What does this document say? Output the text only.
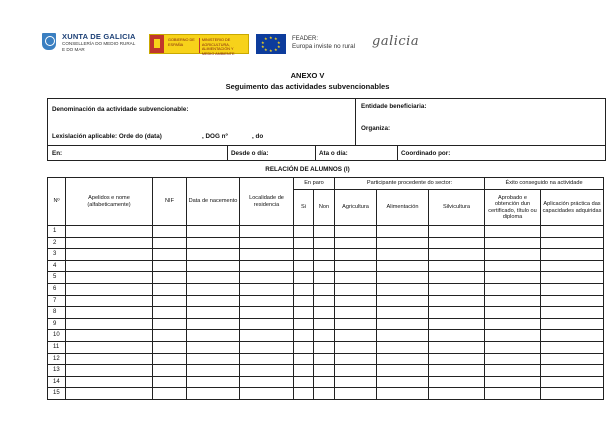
XUNTA DE GALICIA
CONSELLERÍA DO MEDIO RURAL
E DO MAR
GOBIERNO DE ESPAÑA
MINISTERIO DE AGRICULTURA, ALIMENTACIÓN Y MEDIO AMBIENTE
★ ★
★
★
★
★
★
★
★
★	FEADER:
Europa inviste no rural galicia
ANEXO V
Seguimento das actividades subvencionables
Denominación da actividade subvencionable:	Entidade beneficiaria:
Lexislación aplicable: Orde do (data)	, DOG nº	, do
Organiza:
En:	Desde o día:	Ata o día:	Coordinado por:
RELACIÓN DE ALUMNOS (I)
Nº	Apelidos e nome (alfabeticamente)	NIF	Data de nacemento	Localidade de residencia	En paro		Participante procedente do sector:			Éxito conseguido na actividade	
					Si	Non	Agricultura	Alimentación	Silvicultura	Aprobado e obtención dun certificado, título ou diploma	Aplicación práctica das capacidades adquiridas
1											
2											
3											
4											
5											
6											
7											
8											
9											
10											
11											
12											
13											
14											
15											
